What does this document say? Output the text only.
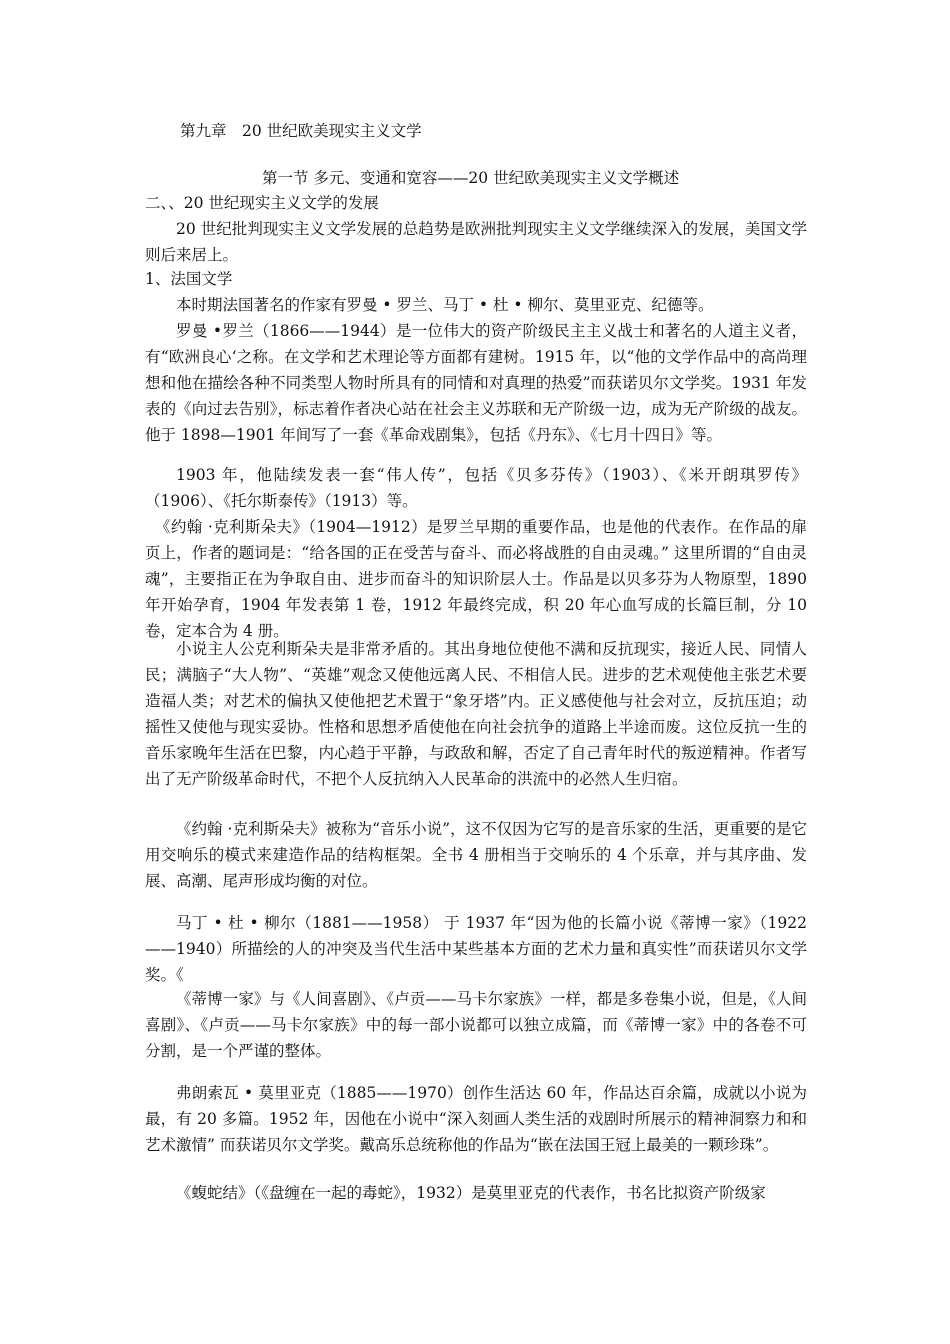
第九章　20 世纪欧美现实主义文学
第一节 多元、变通和宽容——20 世纪欧美现实主义文学概述
二、、20 世纪现实主义文学的发展
20 世纪批判现实主义文学发展的总趋势是欧洲批判现实主义文学继续深入的发展，美国文学则后来居上。
1、法国文学
本时期法国著名的作家有罗曼 • 罗兰、马丁 • 杜 • 柳尔、莫里亚克、纪德等。
罗曼 •罗兰（1866——1944）是一位伟大的资产阶级民主主义战士和著名的人道主义者，有“欧洲良心‘之称。在文学和艺术理论等方面都有建树。1915 年，以“他的文学作品中的高尚理想和他在描绘各种不同类型人物时所具有的同情和对真理的热爱”而获诺贝尔文学奖。1931 年发表的《向过去告别》，标志着作者决心站在社会主义苏联和无产阶级一边，成为无产阶级的战友。他于 1898—1901 年间写了一套《革命戏剧集》，包括《丹东》、《七月十四日》等。
1903 年，他陆续发表一套“伟人传”，包括《贝多芬传》（1903）、《米开朗琪罗传》（1906）、《托尔斯泰传》（1913）等。
《约翰 ·克利斯朵夫》（1904—1912）是罗兰早期的重要作品，也是他的代表作。在作品的扉页上，作者的题词是：“给各国的正在受苦与奋斗、而必将战胜的自由灵魂。” 这里所谓的“自由灵魂”，主要指正在为争取自由、进步而奋斗的知识阶层人士。作品是以贝多芬为人物原型，1890 年开始孕育，1904 年发表第 1 卷，1912 年最终完成，积 20 年心血写成的长篇巨制，分 10 卷，定本合为 4 册。
小说主人公克利斯朵夫是非常矛盾的。其出身地位使他不满和反抗现实，接近人民、同情人民；满脑子“大人物”、“英雄”观念又使他远离人民、不相信人民。进步的艺术观使他主张艺术要造福人类；对艺术的偏执又使他把艺术置于“象牙塔”内。正义感使他与社会对立，反抗压迫；动摇性又使他与现实妥协。性格和思想矛盾使他在向社会抗争的道路上半途而废。这位反抗一生的音乐家晚年生活在巴黎，内心趋于平静，与政敌和解，否定了自己青年时代的叛逆精神。作者写出了无产阶级革命时代，不把个人反抗纳入人民革命的洪流中的必然人生归宿。
《约翰 ·克利斯朵夫》被称为“音乐小说”，这不仅因为它写的是音乐家的生活，更重要的是它用交响乐的模式来建造作品的结构框架。全书 4 册相当于交响乐的 4 个乐章，并与其序曲、发展、高潮、尾声形成均衡的对位。
马丁 • 杜 • 柳尔（1881——1958） 于 1937 年“因为他的长篇小说《蒂博一家》（1922——1940）所描绘的人的冲突及当代生活中某些基本方面的艺术力量和真实性”而获诺贝尔文学奖。《
《蒂博一家》与《人间喜剧》、《卢贡——马卡尔家族》一样，都是多卷集小说，但是，《人间喜剧》、《卢贡——马卡尔家族》中的每一部小说都可以独立成篇，而《蒂博一家》中的各卷不可分割，是一个严谨的整体。
弗朗索瓦 • 莫里亚克（1885——1970）创作生活达 60 年，作品达百余篇，成就以小说为最，有 20 多篇。1952 年，因他在小说中“深入刻画人类生活的戏剧时所展示的精神洞察力和和艺术激情” 而获诺贝尔文学奖。戴高乐总统称他的作品为“嵌在法国王冠上最美的一颗珍珠”。
《蝮蛇结》（《盘缠在一起的毒蛇》，1932）是莫里亚克的代表作，书名比拟资产阶级家
